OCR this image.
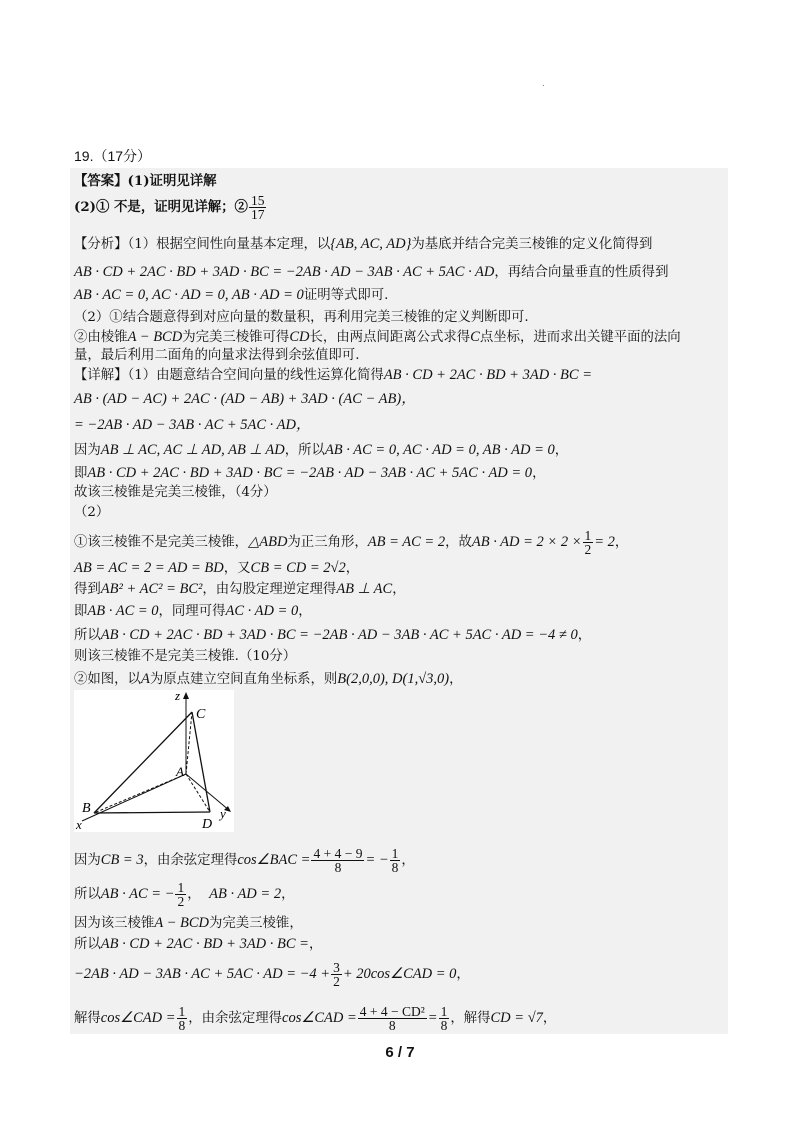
.
19.（17分）
【答案】(1)证明见详解
(2)① 不是，证明见详解；② $\frac{15}{17}$
【分析】（1）根据空间性向量基本定理，以{AB, AC, AD}为基底并结合完美三棱锥的定义化简得到
AB · CD + 2AC · BD + 3AD · BC = −2AB · AD − 3AB · AC + 5AC · AD，再结合向量垂直的性质得到
AB · AC = 0, AC · AD = 0, AB · AD = 0证明等式即可.
（2）①结合题意得到对应向量的数量积，再利用完美三棱锥的定义判断即可.
②由棱锥A − BCD为完美三棱锥可得CD长，由两点间距离公式求得C点坐标，进而求出关键平面的法向
量，最后利用二面角的向量求法得到余弦值即可.
【详解】（1）由题意结合空间向量的线性运算化简得AB · CD + 2AC · BD + 3AD · BC =
AB · (AD − AC) + 2AC · (AD − AB) + 3AD · (AC − AB)，
= −2AB · AD − 3AB · AC + 5AC · AD，
因为AB ⊥ AC, AC ⊥ AD, AB ⊥ AD，所以AB · AC = 0, AC · AD = 0, AB · AD = 0，
即AB · CD + 2AC · BD + 3AD · BC = −2AB · AD − 3AB · AC + 5AC · AD = 0，
故该三棱锥是完美三棱锥，（4分）
（2）
①该三棱锥不是完美三棱锥，△ABD为正三角形，AB = AC = 2，故AB · AD = $2 \times 2 \times \frac{1}{2} = 2$，
AB = AC = 2 = AD = BD，又CB = CD = 2√2，
得到AB² + AC² = BC²，由勾股定理逆定理得AB ⊥ AC，
即AB · AC = 0，同理可得AC · AD = 0，
所以AB · CD + 2AC · BD + 3AD · BC = −2AB · AD − 3AB · AC + 5AC · AD = −4 ≠ 0，
则该三棱锥不是完美三棱锥.（10分）
②如图，以A为原点建立空间直角坐标系，则B(2,0,0), D(1,√3,0)，
z
C
A
B
x	D
y
因为CB = 3，由余弦定理得cos∠BAC = $\frac{4 + 4 - 9}{8}$ = − $\frac{1}{8}$ ，
所以AB · AC = − $\frac{1}{2}$ ， AB · AD = 2，
因为该三棱锥A − BCD为完美三棱锥，
所以AB · CD + 2AC · BD + 3AD · BC =，
−2AB · AD − 3AB · AC + 5AC · AD = $-4 + \frac{3}{2}$ + 20cos∠CAD = 0，
解得cos∠CAD = $\frac{1}{8}$ ，由余弦定理得cos∠CAD = $\frac{\text{4 + 4 − CD²}}{8} = \frac{1}{8}$ ，解得CD = √7，
6 / 7
